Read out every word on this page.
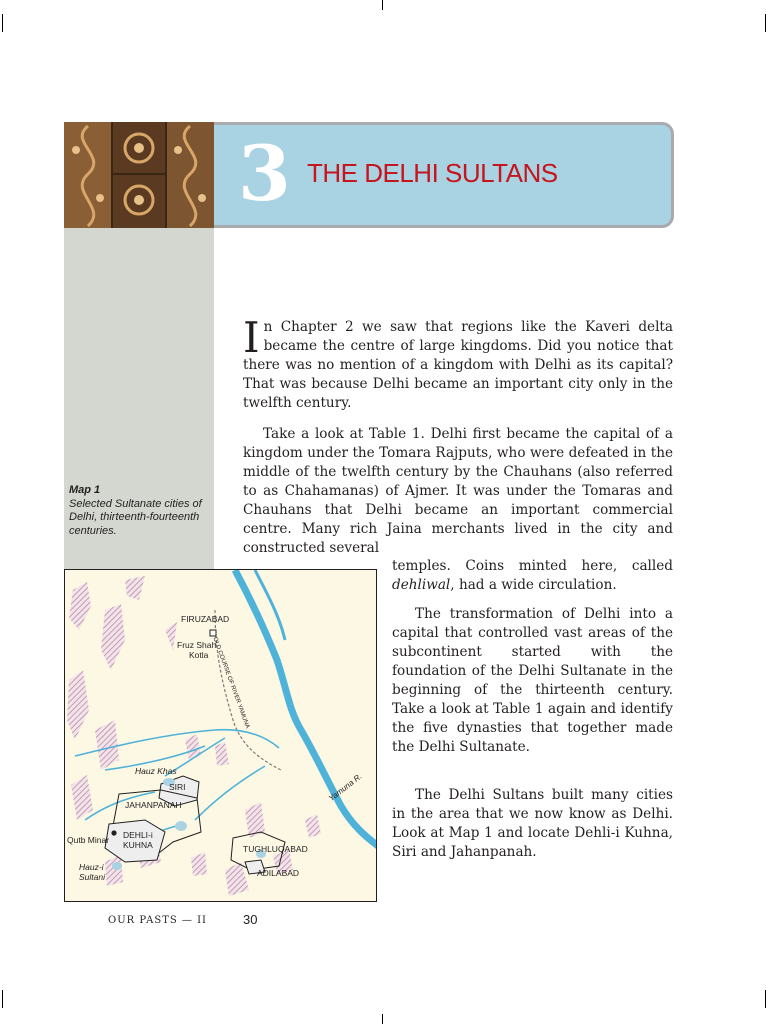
3 THE DELHI SULTANS

In Chapter 2 we saw that regions like the Kaveri delta became the centre of large kingdoms. Did you notice that there was no mention of a kingdom with Delhi as its capital? That was because Delhi became an important city only in the twelfth century.

Take a look at Table 1. Delhi first became the capital of a kingdom under the Tomara Rajputs, who were defeated in the middle of the twelfth century by the Chauhans (also referred to as Chahamanas) of Ajmer. It was under the Tomaras and Chauhans that Delhi became an important commercial centre. Many rich Jaina merchants lived in the city and constructed several

temples. Coins minted here, called dehliwal, had a wide circulation.

The transformation of Delhi into a capital that controlled vast areas of the subcontinent started with the foundation of the Delhi Sultanate in the beginning of the thirteenth century. Take a look at Table 1 again and identify the five dynasties that together made the Delhi Sultanate.

The Delhi Sultans built many cities in the area that we now know as Delhi. Look at Map 1 and locate Dehli-i Kuhna, Siri and Jahanpanah.

Map 1
Selected Sultanate cities of Delhi, thirteenth-fourteenth centuries.
FIRUZABAD
Fruz Shah
Kotla
Hauz Khas
SIRI
JAHANPANAH
DEHLI-i
KUHNA
Qutb Minar
Hauz-i
Sultani
TUGHLUQABAD
ADILABAD
Yamuna R.
OLD COURSE OF RIVER YAMUNA
OUR PASTS — II	30
